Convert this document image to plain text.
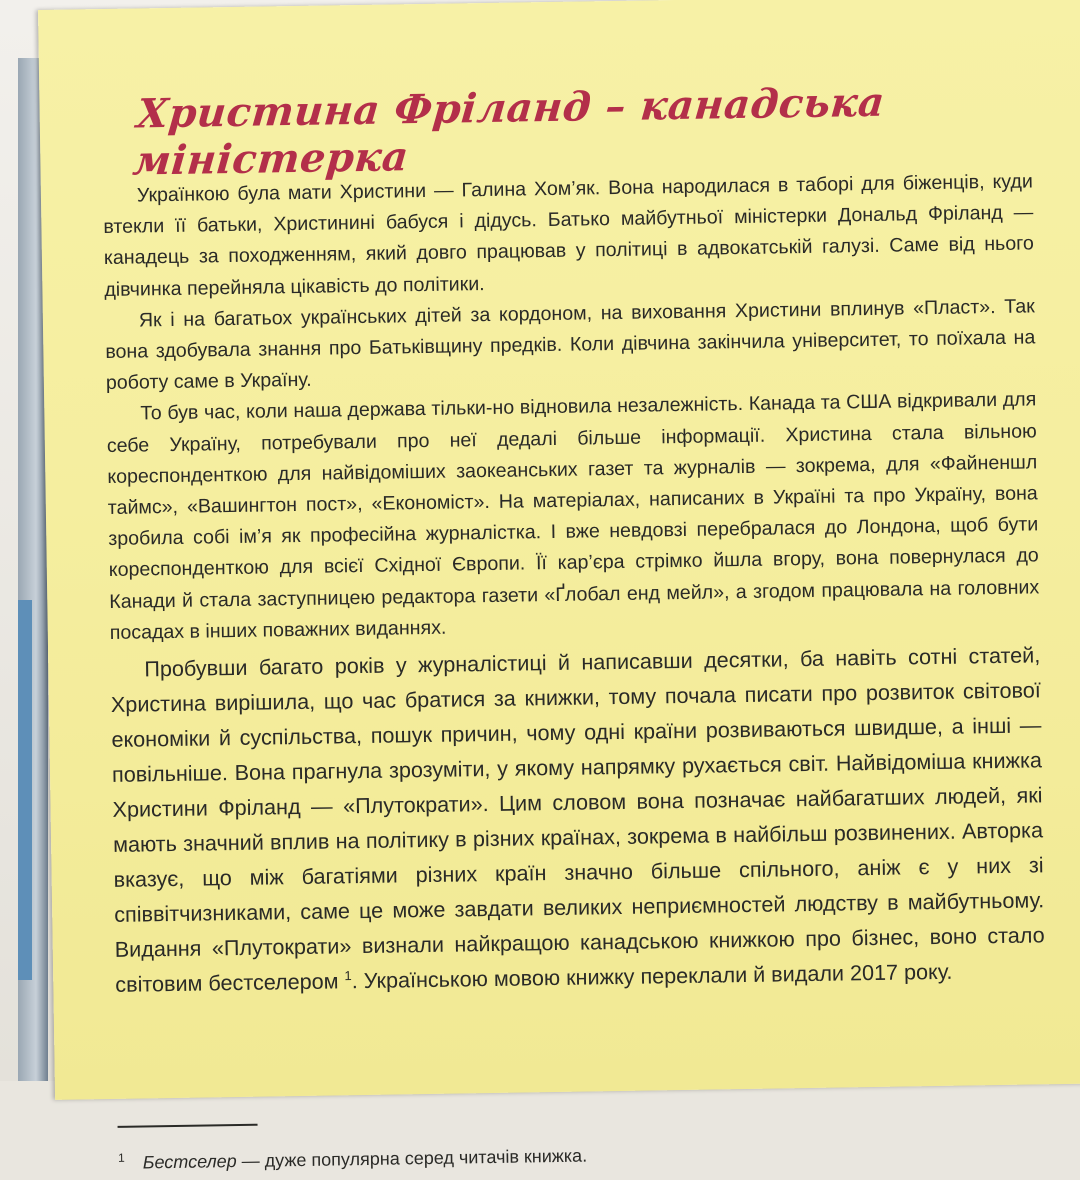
Христина Фріланд – канадська міністерка

Українкою була мати Христини — Галина Хом’як. Вона народилася в таборі для біженців, куди втекли її батьки, Христинині бабуся і дідусь. Батько майбутньої міністерки Дональд Фріланд — канадець за походженням, який довго працював у політиці в адвокатській галузі. Саме від нього дівчинка перейняла цікавість до політики.

Як і на багатьох українських дітей за кордоном, на виховання Христини вплинув «Пласт». Так вона здобувала знання про Батьківщину предків. Коли дівчина закінчила університет, то поїхала на роботу саме в Україну.

То був час, коли наша держава тільки-но відновила незалежність. Канада та США відкривали для себе Україну, потребували про неї дедалі більше інформації. Христина стала вільною кореспонденткою для найвідоміших заокеанських газет та журналів — зокрема, для «Файненшл таймс», «Вашингтон пост», «Економіст». На матеріалах, написаних в Україні та про Україну, вона зробила собі ім’я як професійна журналістка. І вже невдовзі перебралася до Лондона, щоб бути кореспонденткою для всієї Східної Європи. Її кар’єра стрімко йшла вгору, вона повернулася до Канади й стала заступницею редактора газети «Ґлобал енд мейл», а згодом працювала на головних посадах в інших поважних виданнях.

Пробувши багато років у журналістиці й написавши десятки, ба навіть сотні статей, Христина вирішила, що час братися за книжки, тому почала писати про розвиток світової економіки й суспільства, пошук причин, чому одні країни розвиваються швидше, а інші — повільніше. Вона прагнула зрозуміти, у якому напрямку рухається світ. Найвідоміша книжка Христини Фріланд — «Плутократи». Цим словом вона позначає найбагатших людей, які мають значний вплив на політику в різних країнах, зокрема в найбільш розвинених. Авторка вказує, що між багатіями різних країн значно більше спільного, аніж є у них зі співвітчизниками, саме це може завдати великих неприємностей людству в майбутньому. Видання «Плутократи» визнали найкращою канадською книжкою про бізнес, воно стало світовим бестселером $^1$. Українською мовою книжку переклали й видали 2017 року.

$^1$ Бестселер — дуже популярна серед читачів книжка.
